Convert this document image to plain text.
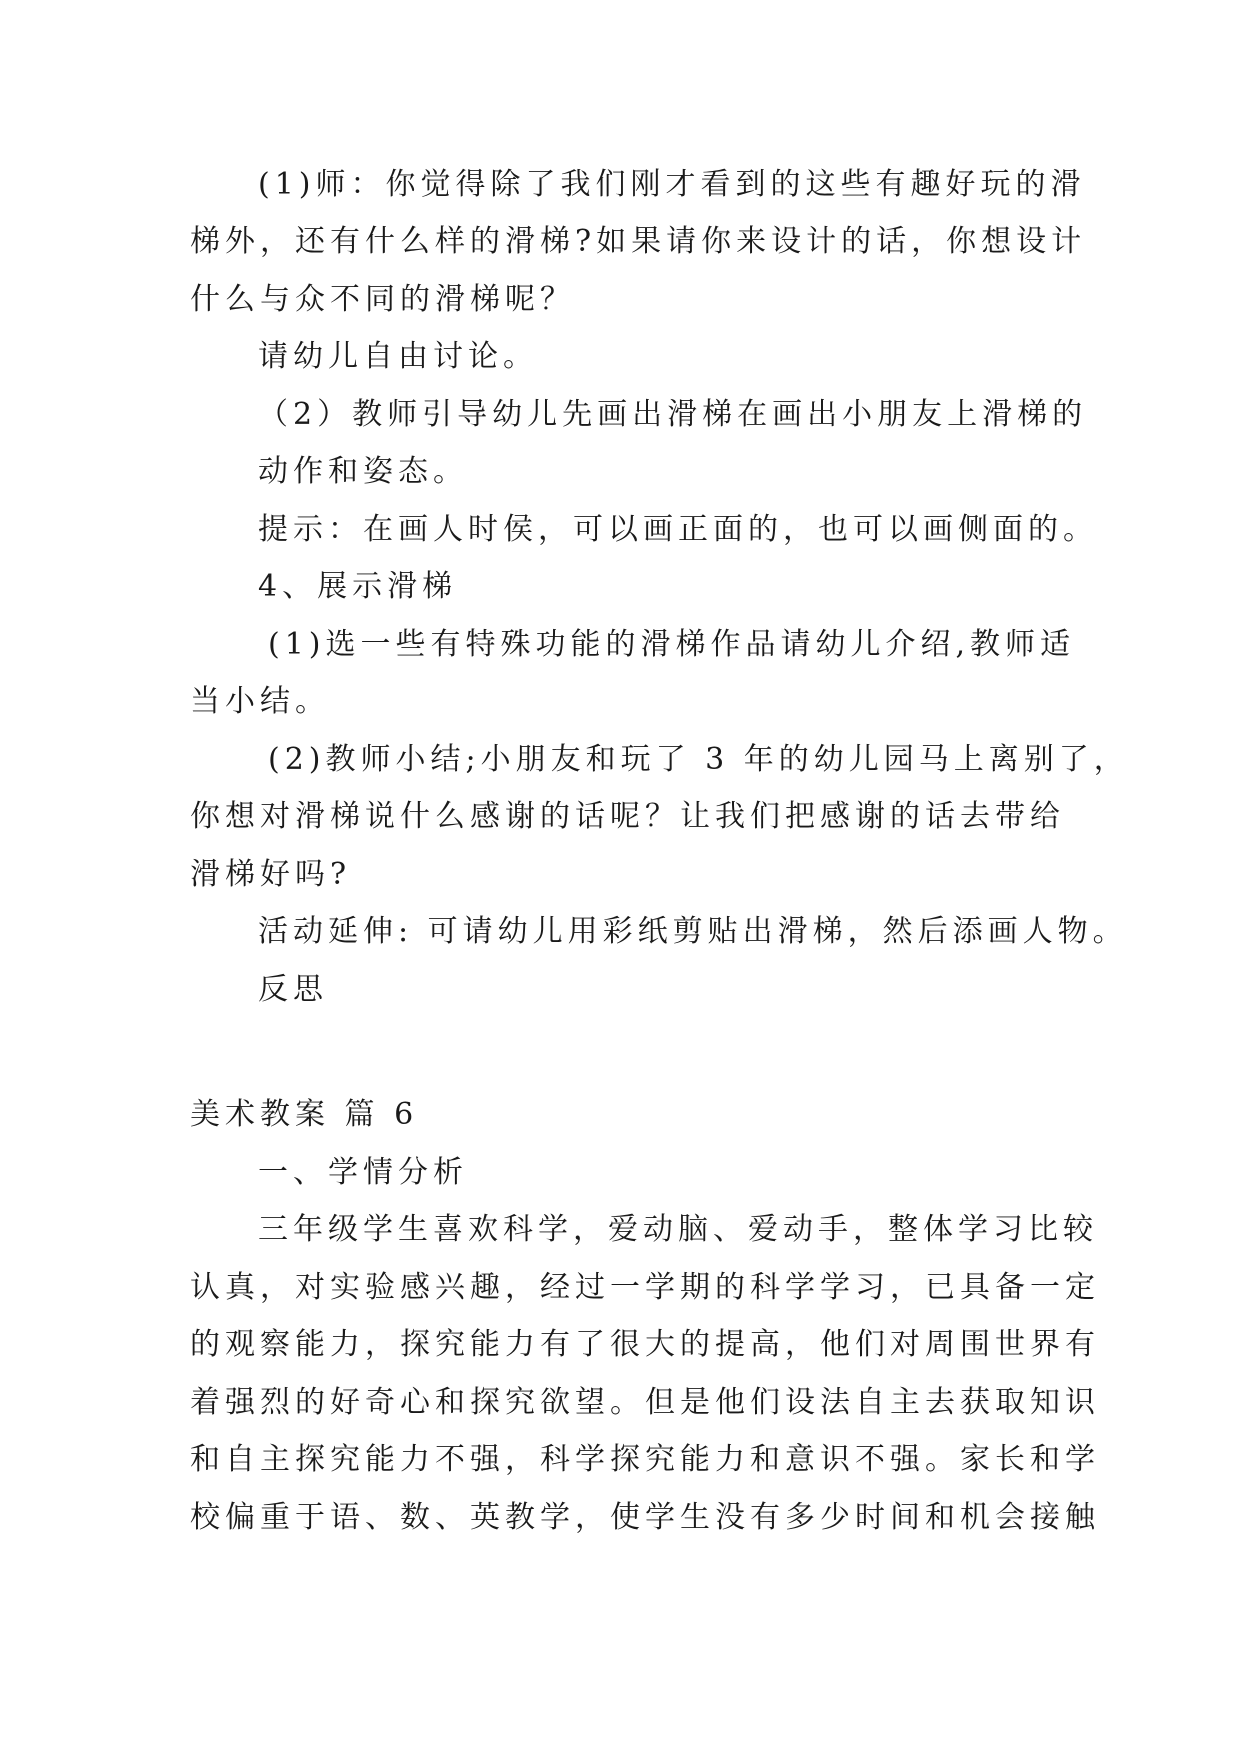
(1)师：你觉得除了我们刚才看到的这些有趣好玩的滑

梯外，还有什么样的滑梯?如果请你来设计的话，你想设计

什么与众不同的滑梯呢？

请幼儿自由讨论。

（2）教师引导幼儿先画出滑梯在画出小朋友上滑梯的

动作和姿态。

提示：在画人时侯，可以画正面的，也可以画侧面的。

4、展示滑梯

(1)选一些有特殊功能的滑梯作品请幼儿介绍,教师适

当小结。

(2)教师小结;小朋友和玩了 3 年的幼儿园马上离别了，

你想对滑梯说什么感谢的话呢？让我们把感谢的话去带给

滑梯好吗?

活动延伸: 可请幼儿用彩纸剪贴出滑梯，然后添画人物。

反思

美术教案 篇 6

一、学情分析

三年级学生喜欢科学，爱动脑、爱动手，整体学习比较

认真，对实验感兴趣，经过一学期的科学学习，已具备一定

的观察能力，探究能力有了很大的提高，他们对周围世界有

着强烈的好奇心和探究欲望。但是他们设法自主去获取知识

和自主探究能力不强，科学探究能力和意识不强。家长和学

校偏重于语、数、英教学，使学生没有多少时间和机会接触
